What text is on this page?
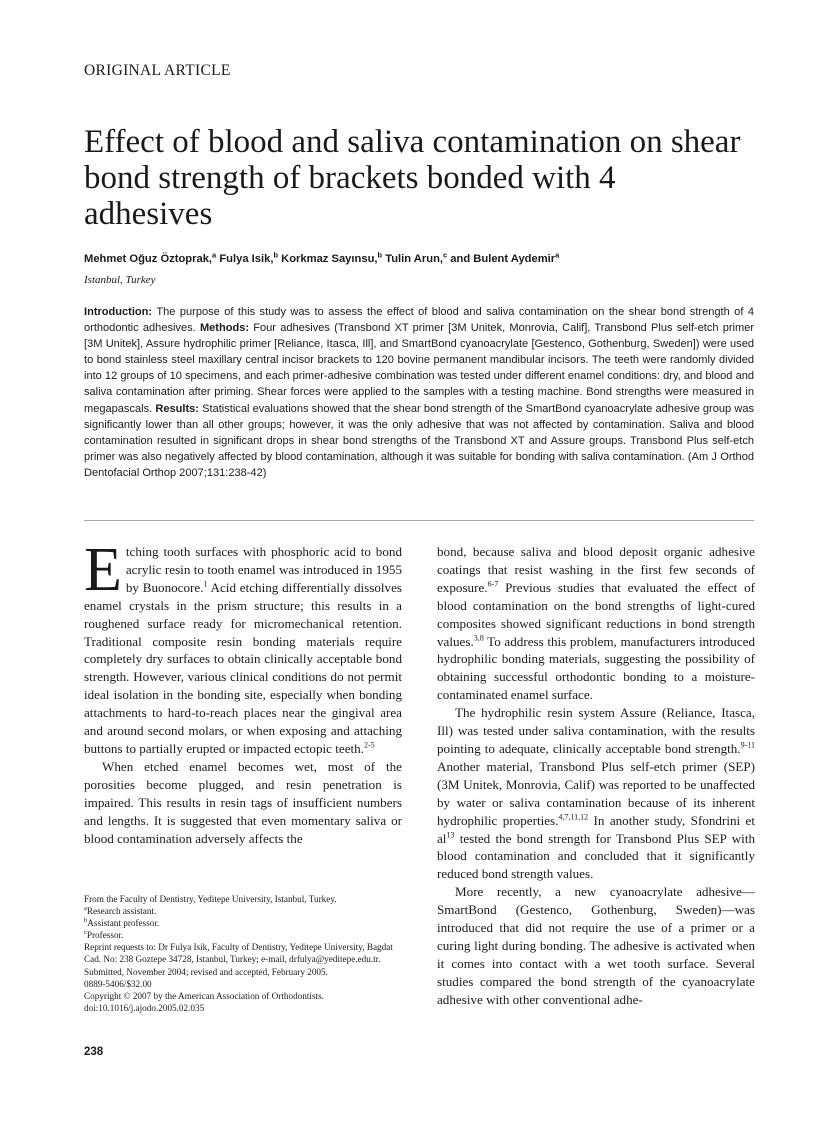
ORIGINAL ARTICLE
Effect of blood and saliva contamination on shear bond strength of brackets bonded with 4 adhesives
Mehmet Oğuz Öztoprak,$^a$ Fulya Isik,$^b$ Korkmaz Sayınsu,$^b$ Tulin Arun,$^c$ and Bulent Aydemir$^a$
Istanbul, Turkey

Introduction: The purpose of this study was to assess the effect of blood and saliva contamination on the shear bond strength of 4 orthodontic adhesives. Methods: Four adhesives (Transbond XT primer [3M Unitek, Monrovia, Calif], Transbond Plus self-etch primer [3M Unitek], Assure hydrophilic primer [Reliance, Itasca, Ill], and SmartBond cyanoacrylate [Gestenco, Gothenburg, Sweden]) were used to bond stainless steel maxillary central incisor brackets to 120 bovine permanent mandibular incisors. The teeth were randomly divided into 12 groups of 10 specimens, and each primer-adhesive combination was tested under different enamel conditions: dry, and blood and saliva contamination after priming. Shear forces were applied to the samples with a testing machine. Bond strengths were measured in megapascals. Results: Statistical evaluations showed that the shear bond strength of the SmartBond cyanoacrylate adhesive group was significantly lower than all other groups; however, it was the only adhesive that was not affected by contamination. Saliva and blood contamination resulted in significant drops in shear bond strengths of the Transbond XT and Assure groups. Transbond Plus self-etch primer was also negatively affected by blood contamination, although it was suitable for bonding with saliva contamination. (Am J Orthod Dentofacial Orthop 2007;131:238-42)

Etching tooth surfaces with phosphoric acid to bond acrylic resin to tooth enamel was introduced in 1955 by Buonocore.$^1$ Acid etching differentially dissolves enamel crystals in the prism structure; this results in a roughened surface ready for micromechanical retention. Traditional composite resin bonding materials require completely dry surfaces to obtain clinically acceptable bond strength. However, various clinical conditions do not permit ideal isolation in the bonding site, especially when bonding attachments to hard-to-reach places near the gingival area and around second molars, or when exposing and attaching buttons to partially erupted or impacted ectopic teeth.$^{2-5}$

When etched enamel becomes wet, most of the porosities become plugged, and resin penetration is impaired. This results in resin tags of insufficient numbers and lengths. It is suggested that even momentary saliva or blood contamination adversely affects the

bond, because saliva and blood deposit organic adhesive coatings that resist washing in the first few seconds of exposure.$^{6-7}$ Previous studies that evaluated the effect of blood contamination on the bond strengths of light-cured composites showed significant reductions in bond strength values.$^{3,8}$ To address this problem, manufacturers introduced hydrophilic bonding materials, suggesting the possibility of obtaining successful orthodontic bonding to a moisture-contaminated enamel surface.

The hydrophilic resin system Assure (Reliance, Itasca, Ill) was tested under saliva contamination, with the results pointing to adequate, clinically acceptable bond strength.$^{9-11}$ Another material, Transbond Plus self-etch primer (SEP) (3M Unitek, Monrovia, Calif) was reported to be unaffected by water or saliva contamination because of its inherent hydrophilic properties.$^{4,7,11,12}$ In another study, Sfondrini et $al^{13}$ tested the bond strength for Transbond Plus SEP with blood contamination and concluded that it significantly reduced bond strength values.

More recently, a new cyanoacrylate adhesive—SmartBond (Gestenco, Gothenburg, Sweden)—was introduced that did not require the use of a primer or a curing light during bonding. The adhesive is activated when it comes into contact with a wet tooth surface. Several studies compared the bond strength of the cyanoacrylate adhesive with other conventional adhe-

From the Faculty of Dentistry, Yeditepe University, Istanbul, Turkey.
$^a$Research assistant.
$^b$Assistant professor.
$^c$Professor.
Reprint requests to: Dr Fulya Isik, Faculty of Dentistry, Yeditepe University, Bagdat Cad. No: 238 Goztepe 34728, Istanbul, Turkey; e-mail, drfulya@yeditepe.edu.tr.
Submitted, November 2004; revised and accepted, February 2005.
0889-5406/$32.00
Copyright © 2007 by the American Association of Orthodontists.
doi:10.1016/j.ajodo.2005.02.035
238
